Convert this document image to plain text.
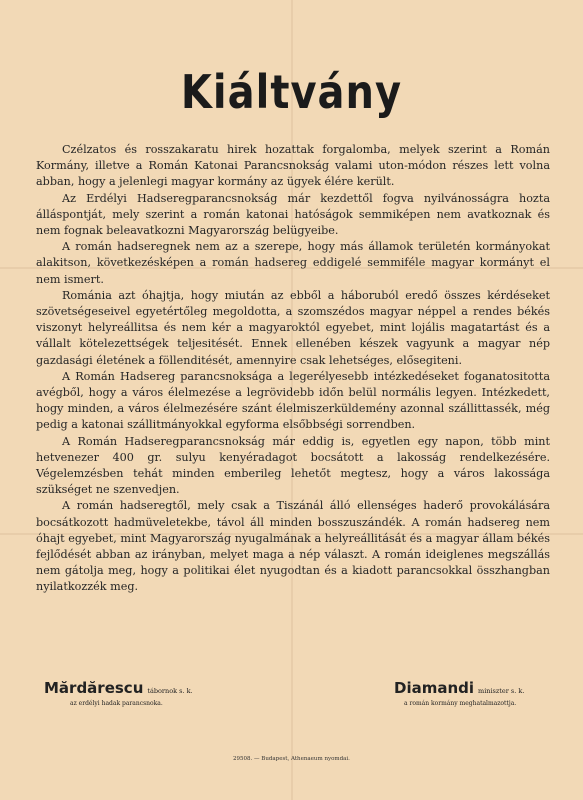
Kiáltvány

Czélzatos és rosszakaratu hirek hozattak forgalomba, melyek szerint a Román Kormány, illetve a Román Katonai Parancsnokság valami uton-módon részes lett volna abban, hogy a jelenlegi magyar kormány az ügyek élére került.

Az Erdélyi Hadseregparancsnokság már kezdettől fogva nyilvánosságra hozta álláspontját, mely szerint a román katonai hatóságok semmiképen nem avatkoznak és nem fognak beleavatkozni Magyarország belügyeibe.

A román hadseregnek nem az a szerepe, hogy más államok területén kormányokat alakitson, következésképen a román hadsereg eddigelé semmiféle magyar kormányt el nem ismert.

Románia azt óhajtja, hogy miután az ebből a háboruból eredő összes kérdéseket szövetségeseivel egyetértőleg megoldotta, a szomszédos magyar néppel a rendes békés viszonyt helyreállitsa és nem kér a magyaroktól egyebet, mint lojális magatartást és a vállalt kötelezettségek teljesitését. Ennek ellenében készek vagyunk a magyar nép gazdasági életének a föllenditését, amennyire csak lehetséges, elősegiteni.

A Román Hadsereg parancsnoksága a legerélyesebb intézkedéseket foganatositotta avégből, hogy a város élelmezése a legrövidebb időn belül normális legyen. Intézkedett, hogy minden, a város élelmezésére szánt élelmiszerküldemény azonnal szállittassék, még pedig a katonai szállitmányokkal egyforma elsőbbségi sorrendben.

A Román Hadseregparancsnokság már eddig is, egyetlen egy napon, több mint hetvenezer 400 gr. sulyu kenyéradagot bocsátott a lakosság rendelkezésére. Végelemzésben tehát minden emberileg lehetőt megtesz, hogy a város lakossága szükséget ne szenvedjen.

A román hadseregtől, mely csak a Tiszánál álló ellenséges haderő provokálására bocsátkozott hadmüveletekbe, távol áll minden bosszuszándék. A román hadsereg nem óhajt egyebet, mint Magyarország nyugalmának a helyreállitását és a magyar állam békés fejlődését abban az irányban, melyet maga a nép választ. A román ideiglenes megszállás nem gátolja meg, hogy a politikai élet nyugodtan és a kiadott parancsokkal összhangban nyilatkozzék meg.

Mărdărescu tábornok s. k.
az erdélyi hadak parancsnoka.
Diamandi miniszter s. k.
a román kormány meghatalmazottja.
29508. — Budapest, Athenaeum nyomdai.
